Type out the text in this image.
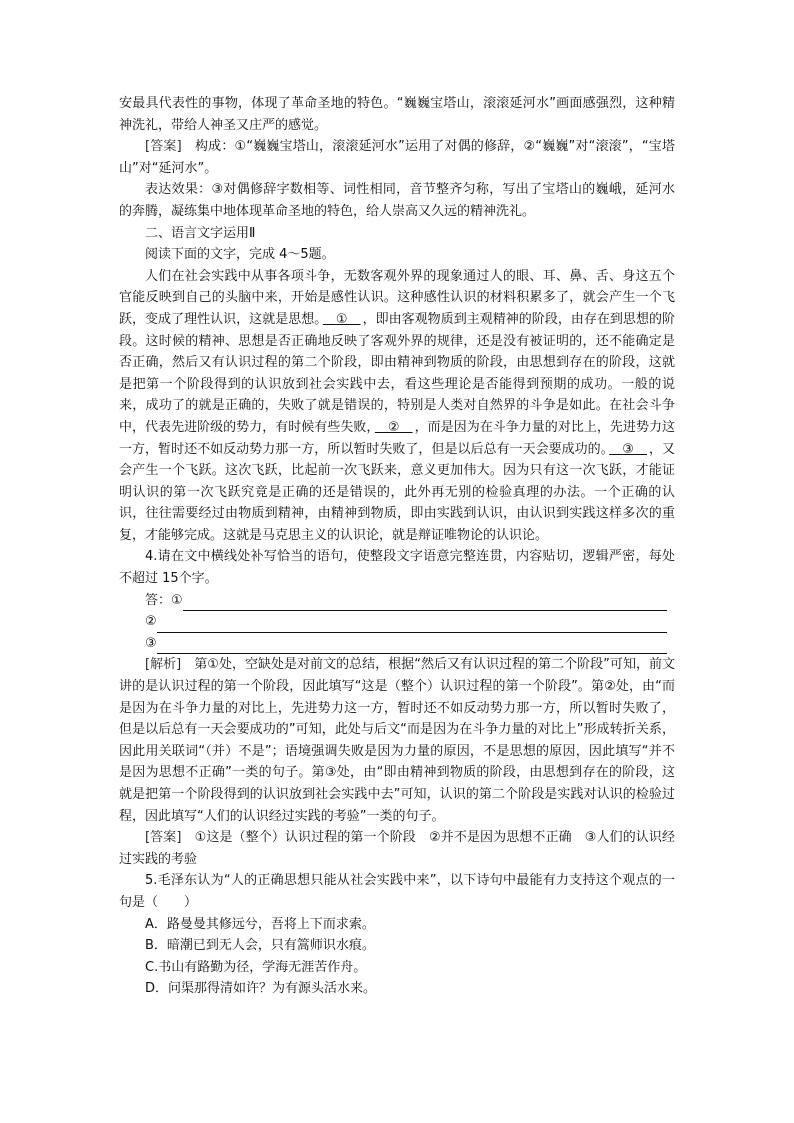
安最具代表性的事物，体现了革命圣地的特色。“巍巍宝塔山，滚滚延河水”画面感强烈，这种精神洗礼，带给人神圣又庄严的感觉。

[答案]　 构成：①“巍巍宝塔山，滚滚延河水”运用了对偶的修辞，②“巍巍”对“滚滚”，“宝塔山”对“延河水”。

表达效果：③对偶修辞字数相等、词性相同，音节整齐匀称，写出了宝塔山的巍峨，延河水的奔腾，凝练集中地体现革命圣地的特色，给人崇高又久远的精神洗礼。

二、语言文字运用Ⅱ

阅读下面的文字，完成 4～5题。

人们在社会实践中从事各项斗争，无数客观外界的现象通过人的眼、耳、鼻、舌、身这五个官能反映到自己的头脑中来，开始是感性认识。这种感性认识的材料积累多了，就会产生一个飞跃，变成了理性认识，这就是思想。　 ①　 ，即由客观物质到主观精神的阶段，由存在到思想的阶段。这时候的精神、思想是否正确地反映了客观外界的规律，还是没有被证明的，还不能确定是否正确，然后又有认识过程的第二个阶段，即由精神到物质的阶段，由思想到存在的阶段，这就是把第一个阶段得到的认识放到社会实践中去，看这些理论是否能得到预期的成功。一般的说来，成功了的就是正确的，失败了就是错误的，特别是人类对自然界的斗争是如此。在社会斗争中，代表先进阶级的势力，有时候有些失败，　 ②　 ，而是因为在斗争力量的对比上，先进势力这一方，暂时还不如反动势力那一方，所以暂时失败了，但是以后总有一天会要成功的。　 ③　 ，又会产生一个飞跃。这次飞跃，比起前一次飞跃来，意义更加伟大。因为只有这一次飞跃，才能证明认识的第一次飞跃究竟是正确的还是错误的，此外再无别的检验真理的办法。一个正确的认识，往往需要经过由物质到精神，由精神到物质，即由实践到认识，由认识到实践这样多次的重复，才能够完成。这就是马克思主义的认识论，就是辩证唯物论的认识论。

4.请在文中横线处补写恰当的语句，使整段文字语意完整连贯，内容贴切，逻辑严密，每处不超过 15个字。

答：①
②
③

[解析]　 第①处，空缺处是对前文的总结，根据“然后又有认识过程的第二个阶段”可知，前文讲的是认识过程的第一个阶段，因此填写“这是（整个）认识过程的第一个阶段”。第②处，由“而是因为在斗争力量的对比上，先进势力这一方，暂时还不如反动势力那一方，所以暂时失败了，但是以后总有一天会要成功的”可知，此处与后文“而是因为在斗争力量的对比上”形成转折关系，因此用关联词“（并）不是”；语境强调失败是因为力量的原因，不是思想的原因，因此填写“并不是因为思想不正确”一类的句子。第③处，由“即由精神到物质的阶段，由思想到存在的阶段，这就是把第一个阶段得到的认识放到社会实践中去”可知，认识的第二个阶段是实践对认识的检验过程，因此填写“人们的认识经过实践的考验”一类的句子。

[答案]　 ①这是（整个）认识过程的第一个阶段　②并不是因为思想不正确　③人们的认识经过实践的考验

5.毛泽东认为“人的正确思想只能从社会实践中来”，以下诗句中最能有力支持这个观点的一句是（　　）

A．路曼曼其修远兮，吾将上下而求索。

B．暗潮已到无人会，只有篙师识水痕。

C.书山有路勤为径，学海无涯苦作舟。

D．问渠那得清如许？为有源头活水来。
